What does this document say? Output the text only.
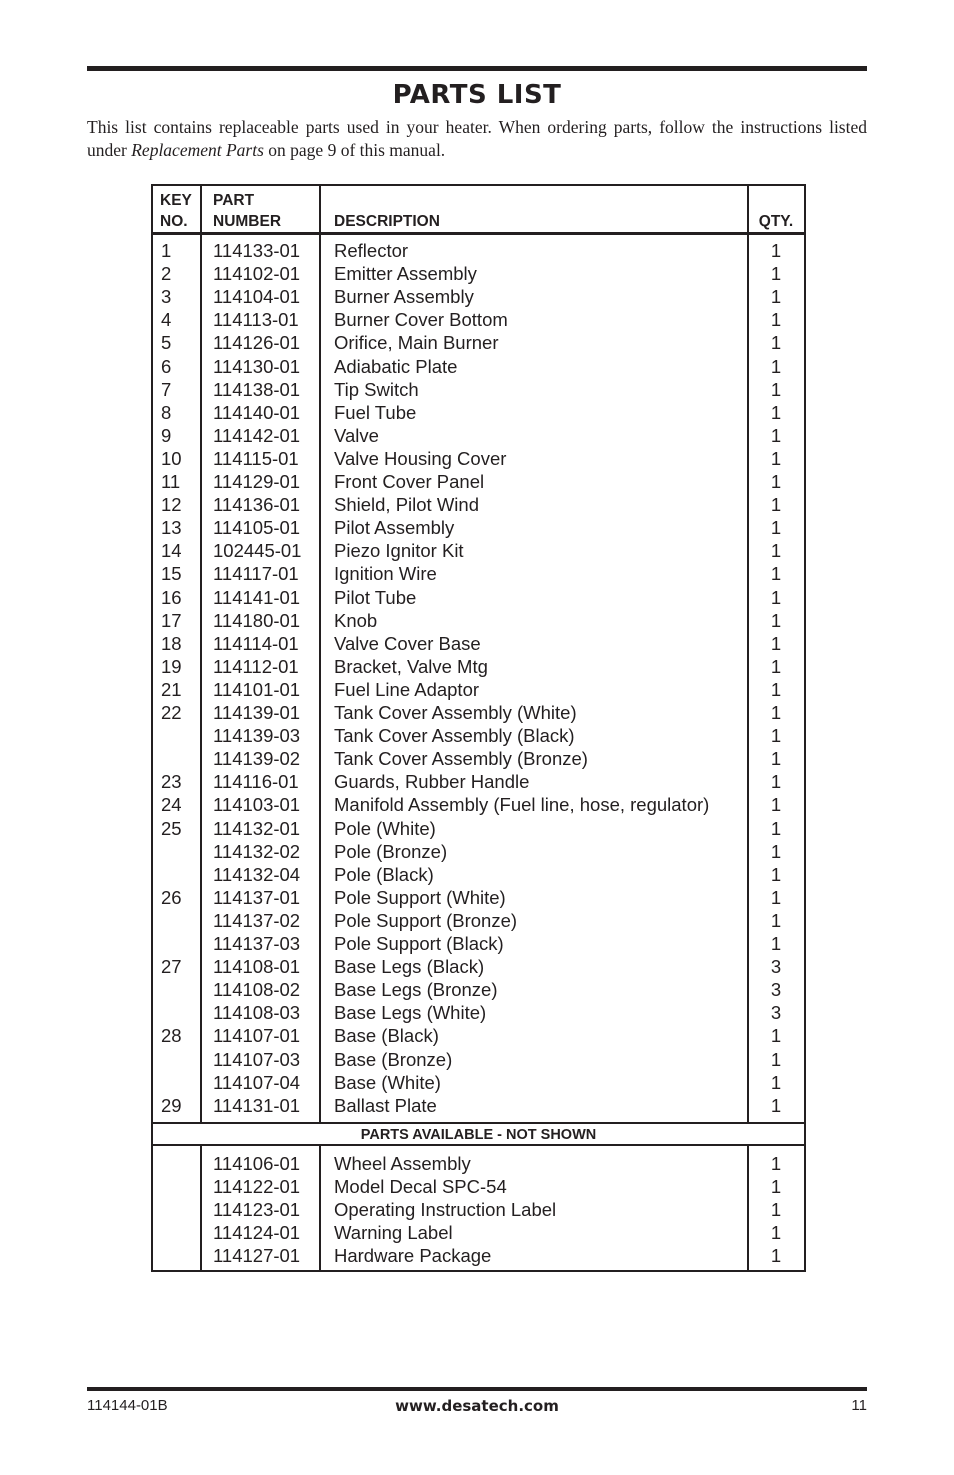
PARTS LIST
This list contains replaceable parts used in your heater. When ordering parts, follow the instructions listed under Replacement Parts on page 9 of this manual.
KEY
NO.
PART
NUMBER	DESCRIPTION	QTY.
1 114133-01 Reflector	1
2 114102-01 Emitter Assembly	1
3 114104-01 Burner Assembly	1
4 114113-01 Burner Cover Bottom	1
5 114126-01 Orifice, Main Burner	1
6 114130-01 Adiabatic Plate	1
7 114138-01 Tip Switch	1
8 114140-01 Fuel Tube	1
9 114142-01 Valve	1
10 114115-01 Valve Housing Cover	1
11 114129-01 Front Cover Panel	1
12 114136-01 Shield, Pilot Wind	1
13 114105-01 Pilot Assembly	1
14 102445-01 Piezo Ignitor Kit	1
15 114117-01 Ignition Wire	1
16 114141-01 Pilot Tube	1
17 114180-01 Knob	1
18 114114-01 Valve Cover Base	1
19 114112-01 Bracket, Valve Mtg	1
21 114101-01 Fuel Line Adaptor	1
22 114139-01 Tank Cover Assembly (White)	1
114139-03 Tank Cover Assembly (Black)	1
114139-02 Tank Cover Assembly (Bronze)	1
23 114116-01 Guards, Rubber Handle	1
24 114103-01 Manifold Assembly (Fuel line, hose, regulator)	1
25 114132-01 Pole (White)	1
114132-02 Pole (Bronze)	1
114132-04 Pole (Black)	1
26 114137-01 Pole Support (White)	1
114137-02 Pole Support (Bronze)	1
114137-03 Pole Support (Black)	1
27 114108-01 Base Legs (Black)	3
114108-02 Base Legs (Bronze)	3
114108-03 Base Legs (White)	3
28 114107-01 Base (Black)	1
114107-03 Base (Bronze)	1
114107-04 Base (White)	1
29 114131-01 Ballast Plate	1
PARTS AVAILABLE - NOT SHOWN
114106-01 Wheel Assembly	1
114122-01 Model Decal SPC-54	1
114123-01 Operating Instruction Label	1
114124-01 Warning Label	1
114127-01 Hardware Package	1
114144-01B	www.desatech.com	11
